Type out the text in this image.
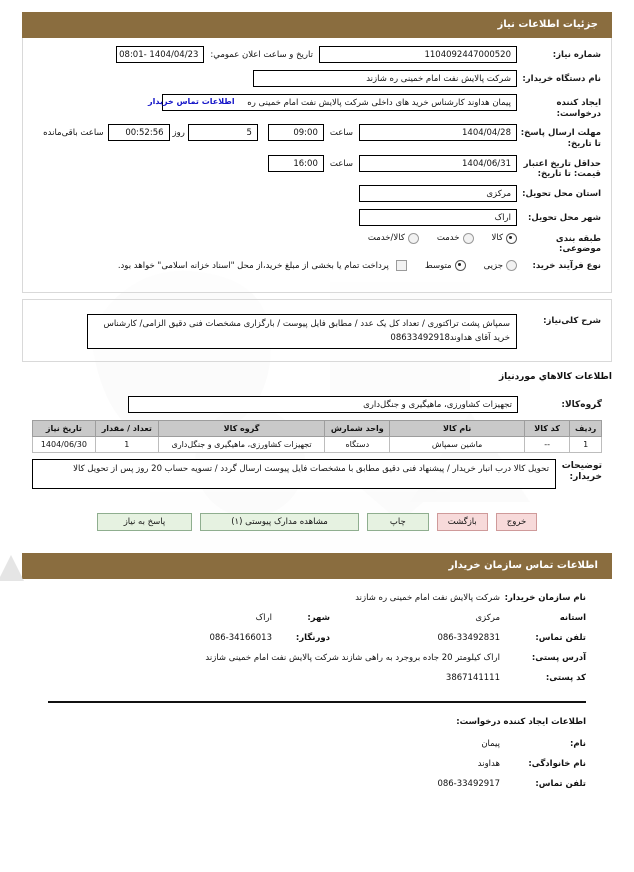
جزئیات اطلاعات نیاز
شماره نیاز:
1104092447000520
تاریخ و ساعت اعلان عمومي:
1404/04/23 -08:01
نام دستگاه خریدار:
شرکت پالایش نفت امام خمینی ره شازند
ایجاد کننده درخواست:
پیمان هداوند کارشناس خرید های داخلی شرکت پالایش نفت امام خمینی ره
اطلاعات تماس خریدار
مهلت ارسال پاسخ: تا تاریخ:
1404/04/28
ساعت
09:00
5
روز
00:52:56
ساعت باقی‌مانده
حداقل تاریخ اعتبار قیمت: تا تاریخ:
1404/06/31
ساعت
16:00
استان محل تحویل:
مرکزی
شهر محل تحویل:
اراک
طبقه بندی موضوعی:
کالا
خدمت
کالا/خدمت
نوع فرآیند خرید:
جزیی
متوسط
پرداخت تمام یا بخشی از مبلغ خرید،از محل "اسناد خزانه اسلامی" خواهد بود.
شرح کلی‌نیاز:
سمپاش پشت تراکتوری / تعداد کل یک عدد / مطابق فایل پیوست / بارگزاری مشخصات فنی دقیق الزامی/ کارشناس خرید آقای هداوند08633492918
اطلاعات کالاهاي موردنیاز
گروه‌کالا:
تجهیزات کشاورزی، ماهیگیری و جنگل‌داری
ردیف	کد کالا	نام کالا	واحد شمارش	گروه کالا	تعداد / مقدار	تاریخ نیاز
1	--	ماشین سمپاش	دستگاه	تجهیزات کشاورزی، ماهیگیری و جنگل‌داری	1	1404/06/30
توضیحات خریدار:
تحویل کالا درب انبار خریدار / پیشنهاد فنی دقیق مطابق با مشخصات فایل پیوست ارسال گردد / تسویه حساب 20 روز پس از تحویل کالا
خروج
بازگشت
چاپ
مشاهده مدارک پیوستی (۱)
پاسخ به نیاز
اطلاعات تماس سازمان خریدار
نام سازمان خریدار:
شرکت پالایش نفت امام خمینی ره شازند
استانه
مرکزی
شهر:
اراک
تلفن تماس:
086-33492831
دورنگار:
086-34166013
آدرس پستی:
اراک کیلومتر 20 جاده بروجرد به راهی شازند شرکت پالایش نفت امام خمینی شازند
کد پستی:
3867141111
اطلاعات ایجاد کننده درخواست:
نام:
پیمان
نام خانوادگی:
هداوند
تلفن تماس:
086-33492917
